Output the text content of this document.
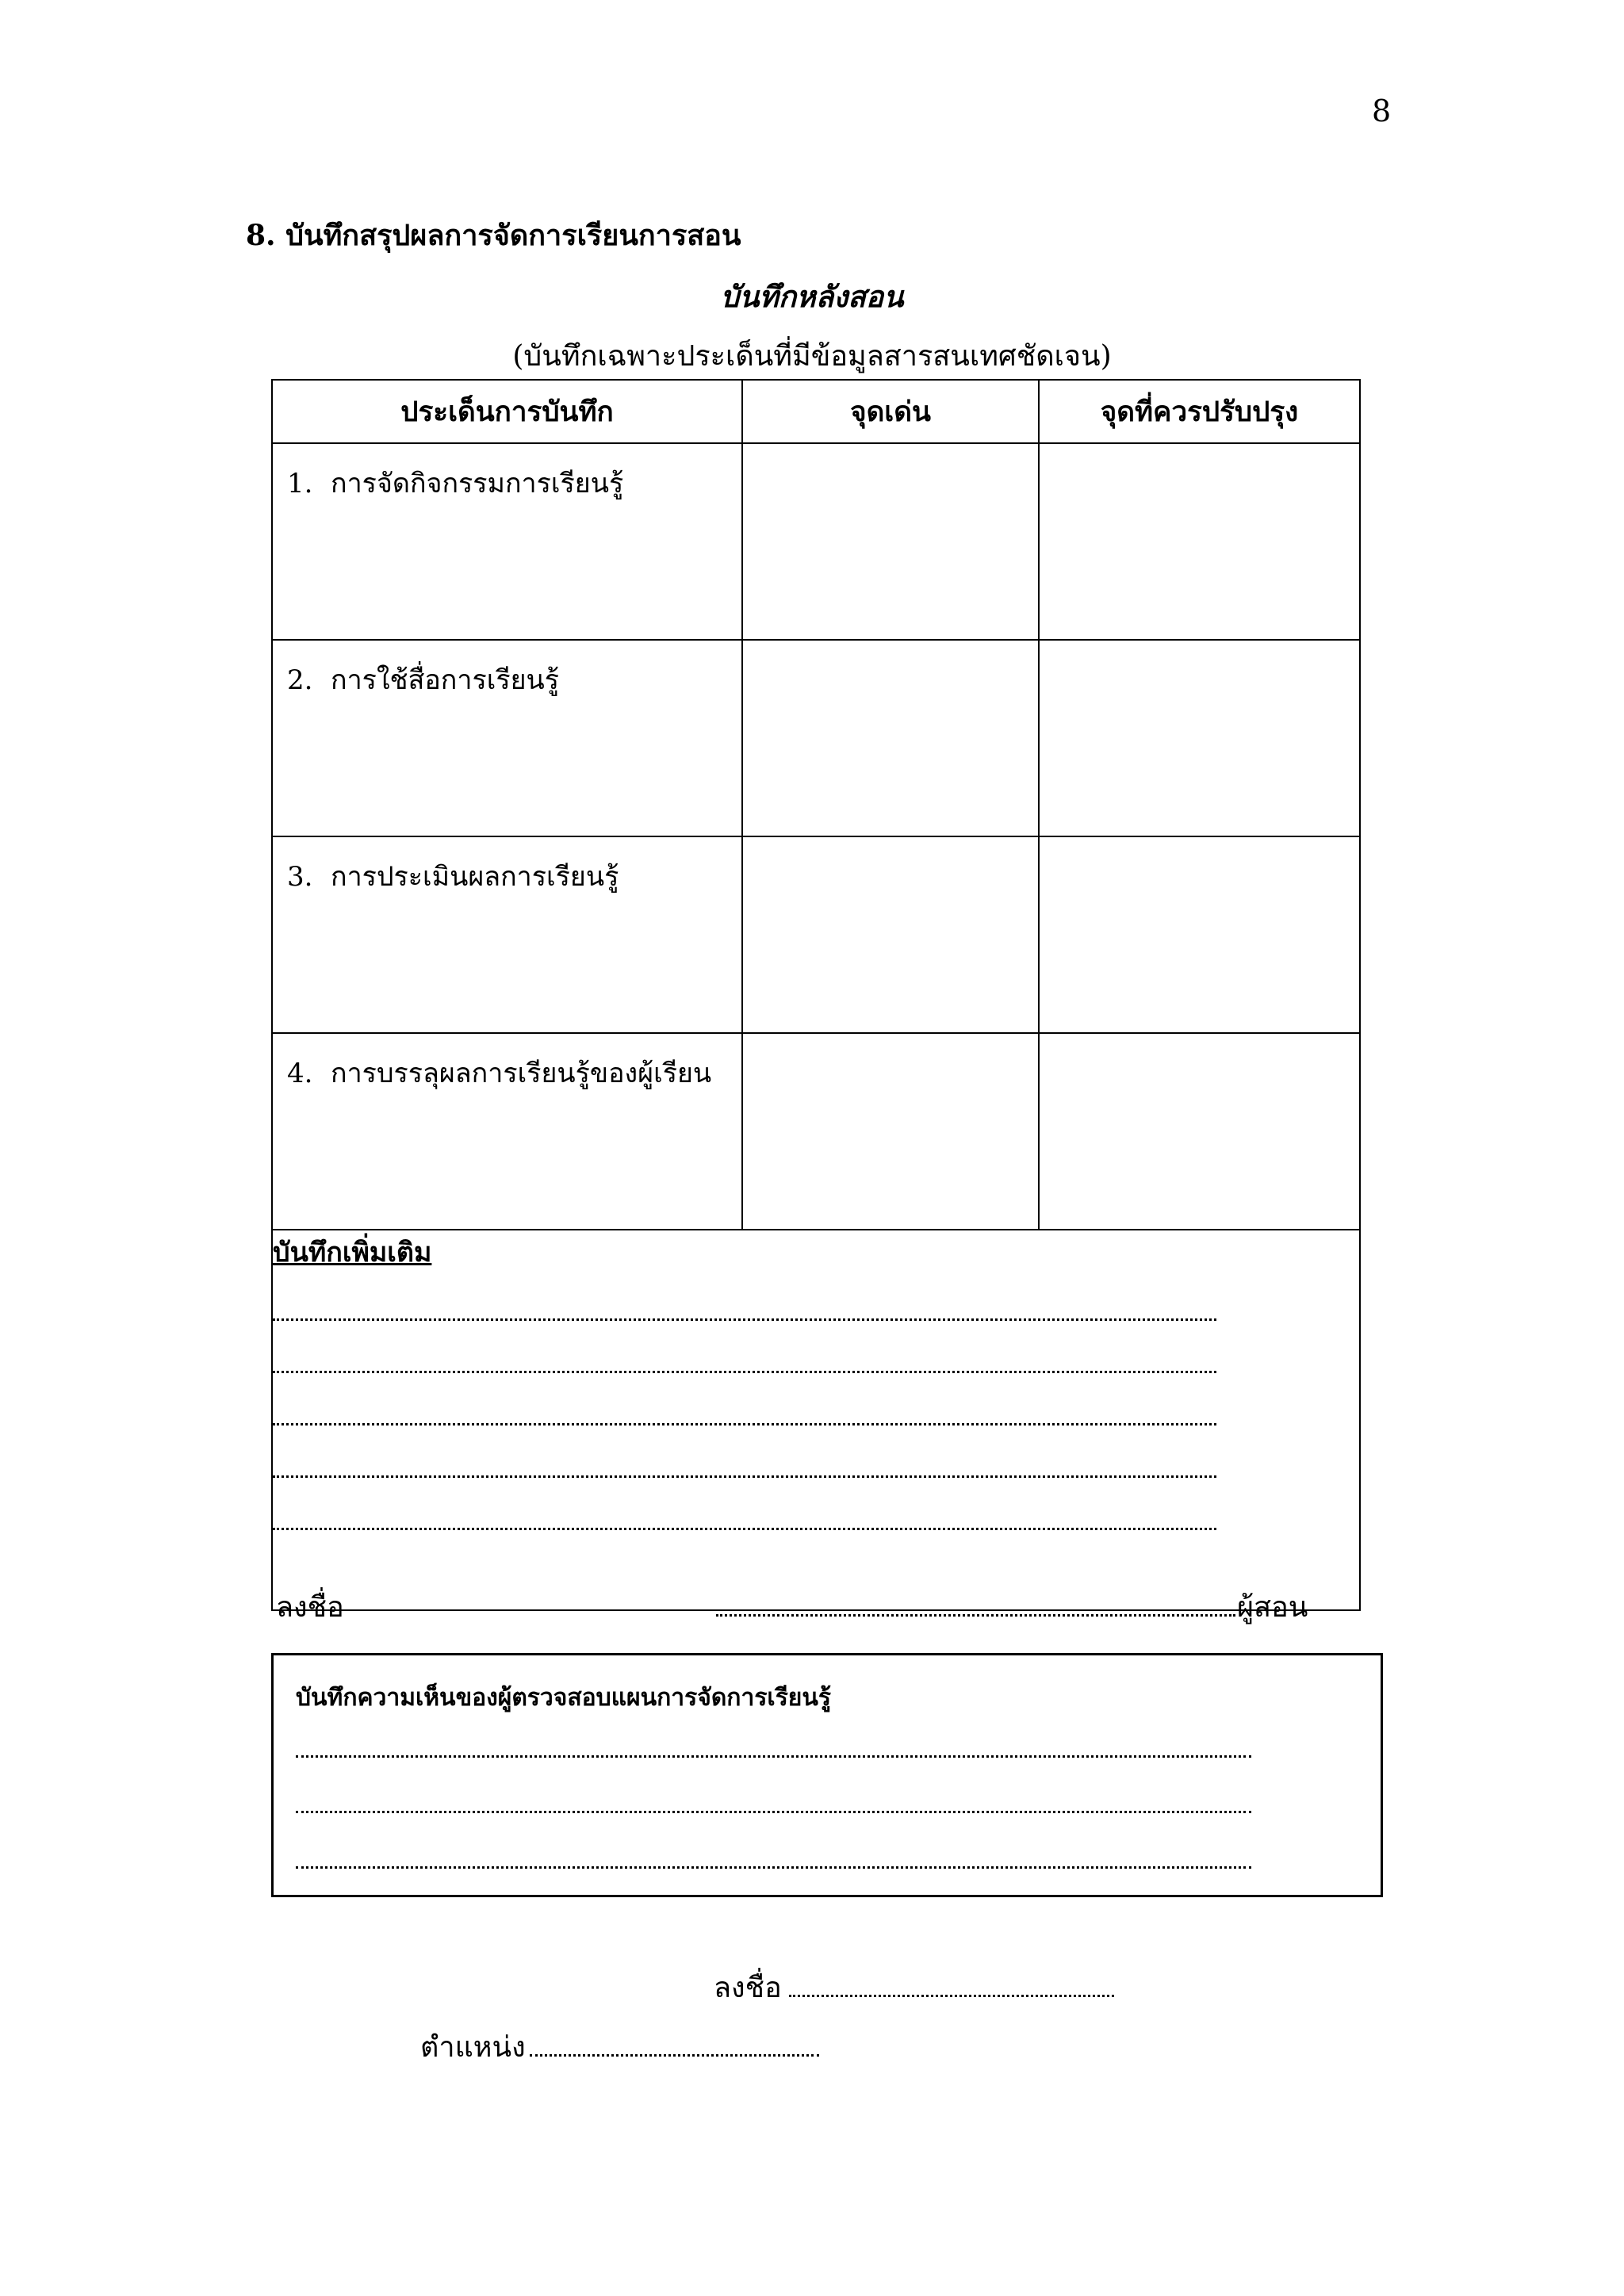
8
8. บันทึกสรุปผลการจัดการเรียนการสอน
บันทึกหลังสอน
(บันทึกเฉพาะประเด็นที่มีข้อมูลสารสนเทศชัดเจน)
ประเด็นการบันทึก	จุดเด่น	จุดที่ควรปรับปรุง
1. การจัดกิจกรรมการเรียนรู้		
2. การใช้สื่อการเรียนรู้		
3. การประเมินผลการเรียนรู้		
4. การบรรลุผลการเรียนรู้ของผู้เรียน		
บันทึกเพิ่มเติม		
ลงชื่อ	ผู้สอน
บันทึกความเห็นของผู้ตรวจสอบแผนการจัดการเรียนรู้
ลงชื่อ
ตำแหน่ง
